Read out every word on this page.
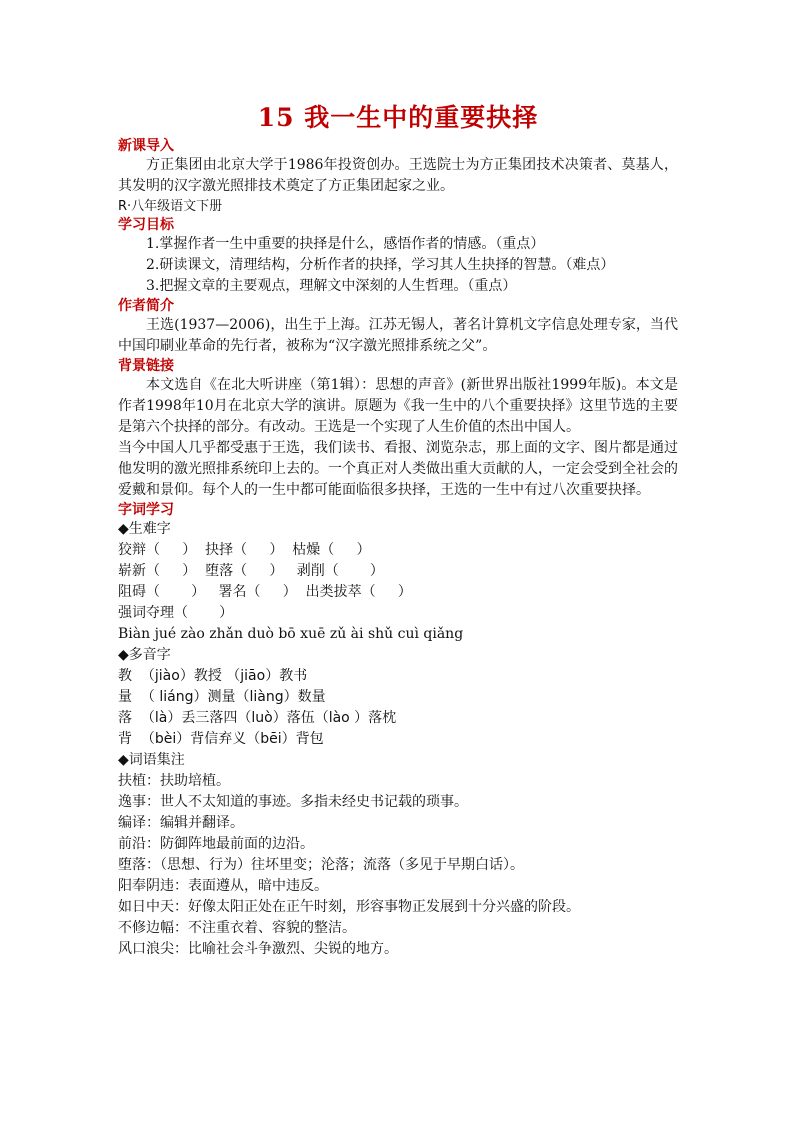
15 我一生中的重要抉择
新课导入
方正集团由北京大学于1986年投资创办。王选院士为方正集团技术决策者、莫基人，其发明的汉字激光照排技术奠定了方正集团起家之业。
R·八年级语文下册
学习目标
1.掌握作者一生中重要的抉择是什么，感悟作者的情感。（重点）
2.研读课文，清理结构，分析作者的抉择，学习其人生抉择的智慧。（难点）
3.把握文章的主要观点，理解文中深刻的人生哲理。（重点）
作者简介
王选(1937—2006)，出生于上海。江苏无锡人，著名计算机文字信息处理专家，当代中国印刷业革命的先行者，被称为“汉字激光照排系统之父”。
背景链接
本文选自《在北大听讲座（第1辑）：思想的声音》(新世界出版社1999年版)。本文是作者1998年10月在北京大学的演讲。原题为《我一生中的八个重要抉择》这里节选的主要是第六个抉择的部分。有改动。王选是一个实现了人生价值的杰出中国人。
当今中国人几乎都受惠于王选，我们读书、看报、浏览杂志，那上面的文字、图片都是通过他发明的激光照排系统印上去的。一个真正对人类做出重大贡献的人，一定会受到全社会的爱戴和景仰。每个人的一生中都可能面临很多抉择，王选的一生中有过八次重要抉择。
字词学习
◆生难字
狡辩（     ）  抉择（     ）  枯燥（     ）
崭新（     ）  堕落（     ）   剥削（       ）
阻碍（       ）   署名（     ）  出类拔萃（     ）
强词夺理（       ）
Biàn jué zào zhǎn duò bō xuē zǔ ài shǔ cuì qiǎng
◆多音字
教  （jiào）教授 （jiāo）教书
量  （ liáng）测量（liàng）数量
落  （là）丢三落四（luò）落伍（lào ）落枕
背  （bèi）背信弃义（bēi）背包
◆词语集注
扶植：扶助培植。
逸事：世人不太知道的事迹。多指未经史书记载的琐事。
编译：编辑并翻译。
前沿：防御阵地最前面的边沿。
堕落：（思想、行为）往坏里变；沦落；流落（多见于早期白话）。
阳奉阴违：表面遵从，暗中违反。
如日中天：好像太阳正处在正午时刻，形容事物正发展到十分兴盛的阶段。
不修边幅：不注重衣着、容貌的整洁。
风口浪尖：比喻社会斗争激烈、尖锐的地方。
